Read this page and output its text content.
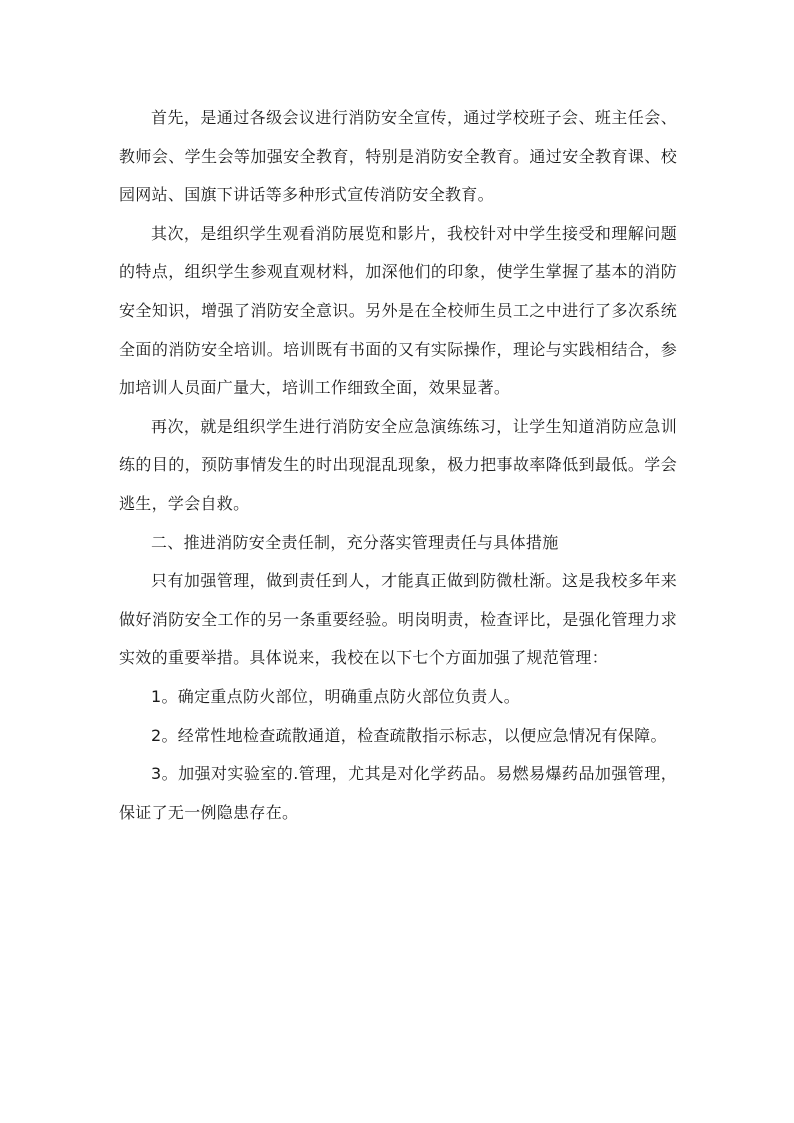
首先，是通过各级会议进行消防安全宣传，通过学校班子会、班主任会、教师会、学生会等加强安全教育，特别是消防安全教育。通过安全教育课、校园网站、国旗下讲话等多种形式宣传消防安全教育。

其次，是组织学生观看消防展览和影片，我校针对中学生接受和理解问题的特点，组织学生参观直观材料，加深他们的印象，使学生掌握了基本的消防安全知识，增强了消防安全意识。另外是在全校师生员工之中进行了多次系统全面的消防安全培训。培训既有书面的又有实际操作，理论与实践相结合，参加培训人员面广量大，培训工作细致全面，效果显著。

再次，就是组织学生进行消防安全应急演练练习，让学生知道消防应急训练的目的，预防事情发生的时出现混乱现象，极力把事故率降低到最低。学会逃生，学会自救。

二、推进消防安全责任制，充分落实管理责任与具体措施

只有加强管理，做到责任到人，才能真正做到防微杜渐。这是我校多年来做好消防安全工作的另一条重要经验。明岗明责，检查评比，是强化管理力求实效的重要举措。具体说来，我校在以下七个方面加强了规范管理：

1。确定重点防火部位，明确重点防火部位负责人。

2。经常性地检查疏散通道，检查疏散指示标志，以便应急情况有保障。

3。加强对实验室的.管理，尤其是对化学药品。易燃易爆药品加强管理，保证了无一例隐患存在。
